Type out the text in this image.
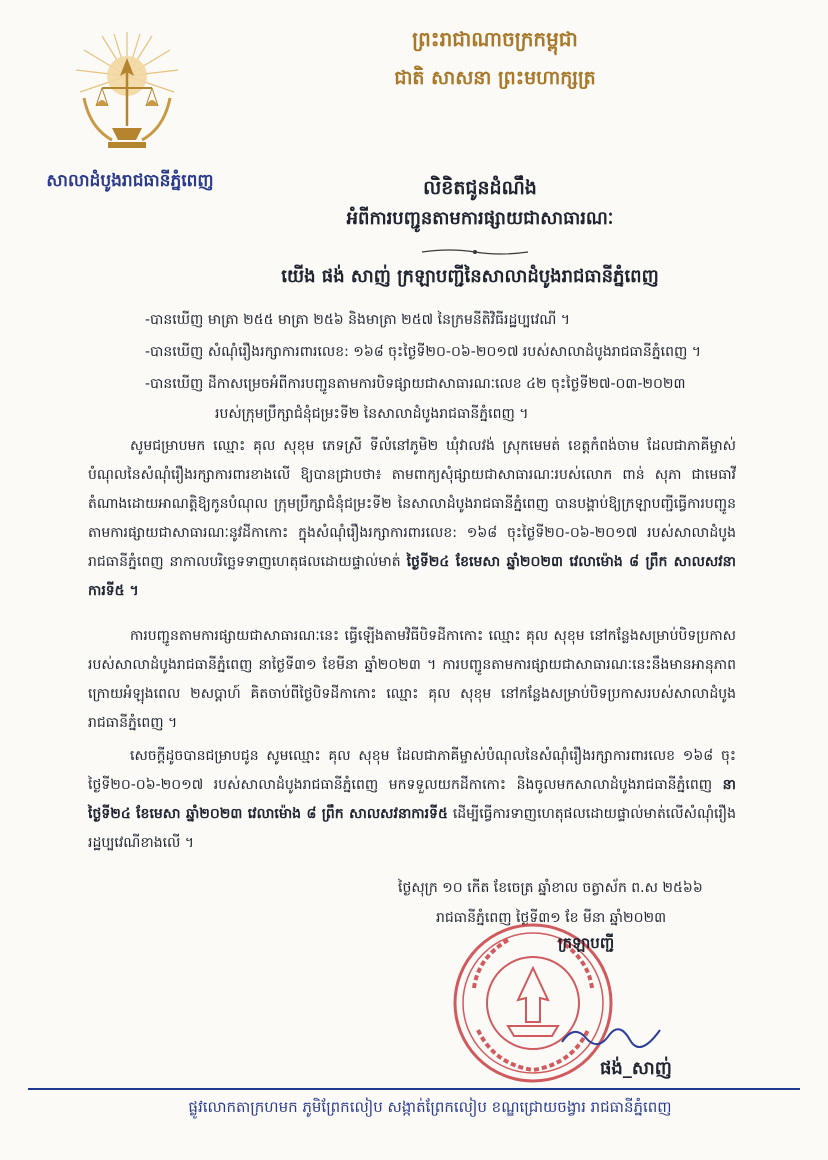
សាលាដំបូងរាជធានីភ្នំពេញ
ព្រះរាជាណាចក្រកម្ពុជា
ជាតិ សាសនា ព្រះមហាក្សត្រ
លិខិតជូនដំណឹង
អំពីការបញ្ជូនតាមការផ្សាយជាសាធារណៈ
យើង ផង់ សាញ់ ក្រឡាបញ្ជីនៃសាលាដំបូងរាជធានីភ្នំពេញ
-បានឃើញ មាត្រា ២៥៥ មាត្រា ២៥៦ និងមាត្រា ២៥៧ នៃក្រមនីតិវិធីរដ្ឋប្បវេណី ។
-បានឃើញ សំណុំរឿងរក្សាការពារលេខ: ១៦៨ ចុះថ្ងៃទី២០-០៦-២០១៧ របស់សាលាដំបូងរាជធានីភ្នំពេញ ។
-បានឃើញ ដីកាសម្រេចអំពីការបញ្ជូនតាមការបិទផ្សាយជាសាធារណៈលេខ ៤២ ចុះថ្ងៃទី២៧-០៣-២០២៣
របស់ក្រុមប្រឹក្សាជំនុំជម្រះទី២ នៃសាលាដំបូងរាជធានីភ្នំពេញ ។
សូមជម្រាបមក ឈ្មោះ គុល សុខុម ភេទស្រី ទីលំនៅភូមិ២ ឃុំវាលវង់ ស្រុកមេមត់ ខេត្តកំពង់ចាម ដែលជាភាគីម្ចាស់បំណុលនៃសំណុំរឿងរក្សាការពារខាងលើ ឱ្យបានជ្រាបថា៖ តាមពាក្យសុំផ្សាយជាសាធារណៈរបស់លោក ពាន់ សុភា ជាមេធាវីតំណាងដោយអាណត្តិឱ្យកូនបំណុល ក្រុមប្រឹក្សាជំនុំជម្រះទី២ នៃសាលាដំបូងរាជធានីភ្នំពេញ បានបង្គាប់ឱ្យក្រឡាបញ្ជីធ្វើការបញ្ជូនតាមការផ្សាយជាសាធារណៈនូវដីកាកោះ ក្នុងសំណុំរឿងរក្សាការពារលេខ: ១៦៨ ចុះថ្ងៃទី២០-០៦-២០១៧ របស់សាលាដំបូងរាជធានីភ្នំពេញ នាកាលបរិច្ឆេទទាញហេតុផលដោយផ្ទាល់មាត់ ថ្ងៃទី២៤ ខែមេសា ឆ្នាំ២០២៣ វេលាម៉ោង ៨ ព្រឹក សាលសវនាការទី៥ ។
ការបញ្ជូនតាមការផ្សាយជាសាធារណៈនេះ ធ្វើឡើងតាមវិធីបិទដីកាកោះ ឈ្មោះ គុល សុខុម នៅកន្លែងសម្រាប់បិទប្រកាសរបស់សាលាដំបូងរាជធានីភ្នំពេញ នាថ្ងៃទី៣១ ខែមីនា ឆ្នាំ២០២៣ ។ ការបញ្ជូនតាមការផ្សាយជាសាធារណៈនេះនឹងមានអានុភាព ក្រោយអំឡុងពេល ២សប្តាហ៍ គិតចាប់ពីថ្ងៃបិទដីកាកោះ ឈ្មោះ គុល សុខុម នៅកន្លែងសម្រាប់បិទប្រកាសរបស់សាលាដំបូងរាជធានីភ្នំពេញ ។
សេចក្តីដូចបានជម្រាបជូន សូមឈ្មោះ គុល សុខុម ដែលជាភាគីម្ចាស់បំណុលនៃសំណុំរឿងរក្សាការពារលេខ ១៦៨ ចុះថ្ងៃទី២០-០៦-២០១៧ របស់សាលាដំបូងរាជធានីភ្នំពេញ មកទទួលយកដីកាកោះ និងចូលមកសាលាដំបូងរាជធានីភ្នំពេញ នាថ្ងៃទី២៤ ខែមេសា ឆ្នាំ២០២៣ វេលាម៉ោង ៨ ព្រឹក សាលសវនាការទី៥ ដើម្បីធ្វើការទាញហេតុផលដោយផ្ទាល់មាត់លើសំណុំរឿងរដ្ឋប្បវេណីខាងលើ ។
ថ្ងៃសុក្រ ១០ កើត ខែចេត្រ ឆ្នាំខាល ចត្វាស័ក ព.ស ២៥៦៦
រាជធានីភ្នំពេញ ថ្ងៃទី៣១ ខែ មីនា ឆ្នាំ២០២៣
ក្រឡាបញ្ជី
ផង់_សាញ់
ផ្លូវលោកតាក្រហមក ភូមិព្រែកលៀប សង្កាត់ព្រែកលៀប ខណ្ឌជ្រោយចង្វារ រាជធានីភ្នំពេញ
